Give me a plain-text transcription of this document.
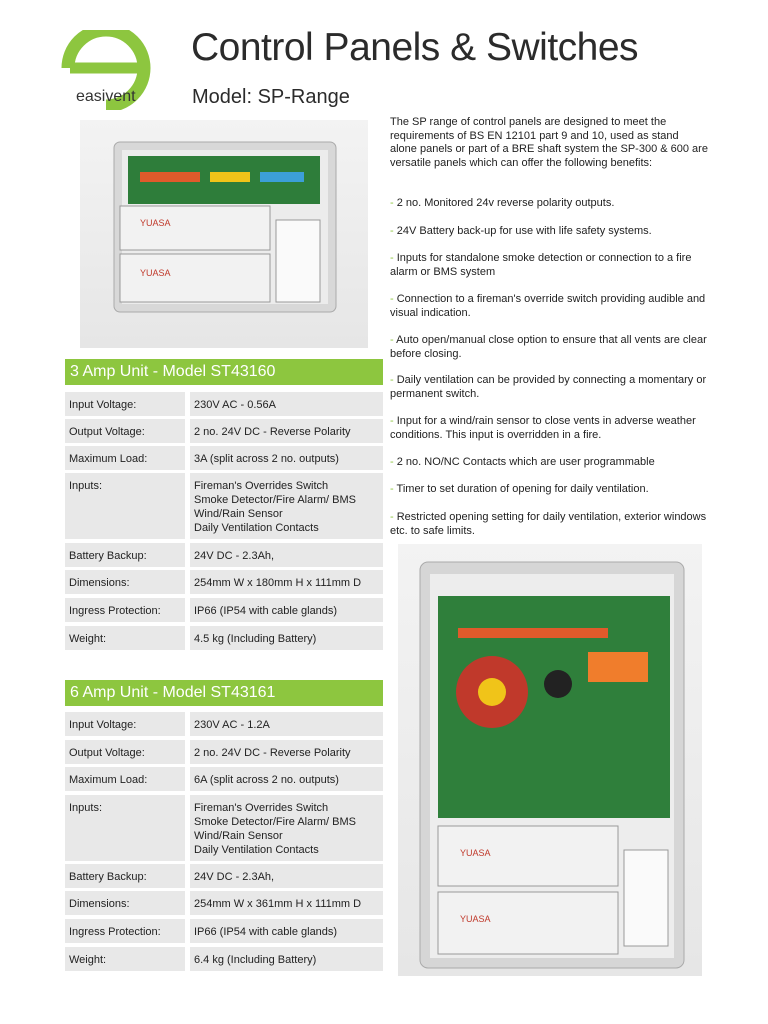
easivent
Control Panels & Switches
Model: SP-Range
YUASA
YUASA
YUASA
YUASA
3 Amp Unit - Model ST43160
Input Voltage:	230V AC - 0.56A
Output Voltage:	2 no. 24V DC - Reverse Polarity
Maximum Load:	3A (split across 2 no. outputs)
Inputs:	Fireman's Overrides Switch
Smoke Detector/Fire Alarm/ BMS
Wind/Rain Sensor
Daily Ventilation Contacts
Battery Backup:	24V DC - 2.3Ah,
Dimensions:	254mm W x 180mm H x 111mm D
Ingress Protection:	IP66 (IP54 with cable glands)
Weight:	4.5 kg (Including Battery)
6 Amp Unit - Model ST43161
Input Voltage:	230V AC - 1.2A
Output Voltage:	2 no. 24V DC - Reverse Polarity
Maximum Load:	6A (split across 2 no. outputs)
Inputs:	Fireman's Overrides Switch
Smoke Detector/Fire Alarm/ BMS
Wind/Rain Sensor
Daily Ventilation Contacts
Battery Backup:	24V DC - 2.3Ah,
Dimensions:	254mm W x 361mm H x 111mm D
Ingress Protection:	IP66 (IP54 with cable glands)
Weight:	6.4 kg (Including Battery)
The SP range of control panels are designed to meet the requirements of BS EN 12101 part 9 and 10, used as stand alone panels or part of a BRE shaft system the SP-300 & 600 are versatile panels which can offer the following benefits:
- 2 no. Monitored 24v reverse polarity outputs.
- 24V Battery back-up for use with life safety systems.
- Inputs for standalone smoke detection or connection to a fire alarm or BMS system
- Connection to a fireman's override switch providing audible and visual indication.
- Auto open/manual close option to ensure that all vents are clear before closing.
- Daily ventilation can be provided by connecting a momentary or permanent switch.
- Input for a wind/rain sensor to close vents in adverse weather conditions. This input is overridden in a fire.
- 2 no. NO/NC Contacts which are user programmable
- Timer to set duration of opening for daily ventilation.
- Restricted opening setting for daily ventilation, exterior windows etc. to safe limits.
